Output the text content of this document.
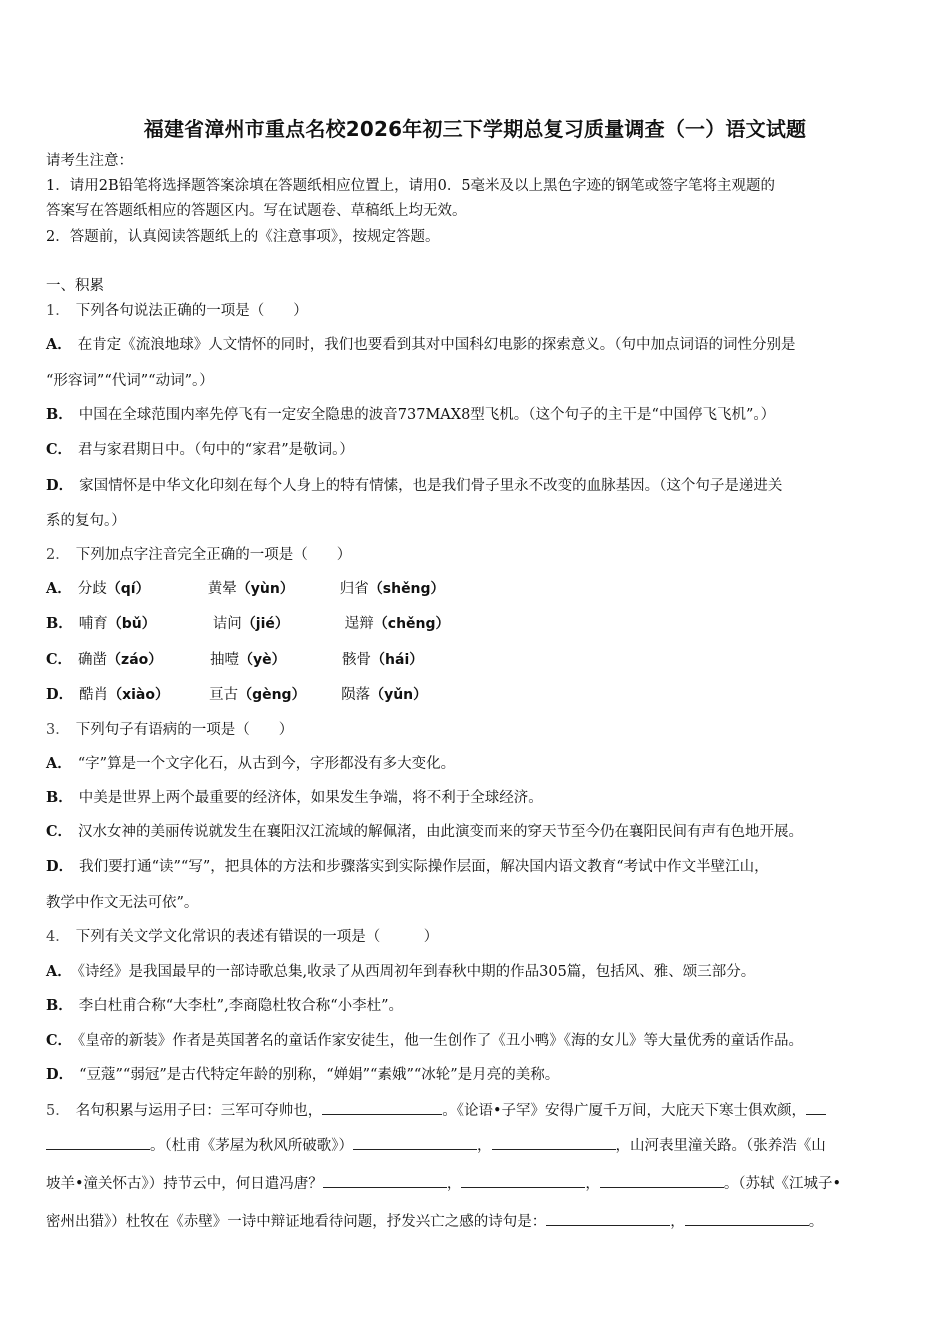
福建省漳州市重点名校2026年初三下学期总复习质量调查（一）语文试题
请考生注意：
1．请用2B铅笔将选择题答案涂填在答题纸相应位置上，请用0．5毫米及以上黑色字迹的钢笔或签字笔将主观题的
答案写在答题纸相应的答题区内。写在试题卷、草稿纸上均无效。
2．答题前，认真阅读答题纸上的《注意事项》，按规定答题。
一、积累
1． 下列各句说法正确的一项是（　　）
A． 在肯定《流浪地球》人文情怀的同时，我们也要看到其对中国科幻电影的探索意义。（句中加点词语的词性分别是
“形容词”“代词”“动词”。）
B． 中国在全球范围内率先停飞有一定安全隐患的波音737MAX8型飞机。（这个句子的主干是“中国停飞飞机”。）
C． 君与家君期日中。（句中的“家君”是敬词。）
D． 家国情怀是中华文化印刻在每个人身上的特有情愫，也是我们骨子里永不改变的血脉基因。（这个句子是递进关
系的复句。）
2． 下列加点字注音完全正确的一项是（　　）
A． 分歧（qí）	黄晕（yùn）	归省（shěng）
B． 哺育（bǔ）	诘问（jié）	逞辩（chěng）
C． 确凿（záo）	抽噎（yè）	骸骨（hái）
D． 酷肖（xiào）	亘古（gèng） 陨落（yǔn）
3． 下列句子有语病的一项是（　　）
A． “字”算是一个文字化石，从古到今，字形都没有多大变化。
B． 中美是世界上两个最重要的经济体，如果发生争端，将不利于全球经济。
C． 汉水女神的美丽传说就发生在襄阳汉江流域的解佩渚，由此演变而来的穿天节至今仍在襄阳民间有声有色地开展。
D． 我们要打通“读”“写”，把具体的方法和步骤落实到实际操作层面，解决国内语文教育“考试中作文半壁江山，
教学中作文无法可依”。
4． 下列有关文学文化常识的表述有错误的一项是（　　　）
A． 《诗经》是我国最早的一部诗歌总集,收录了从西周初年到春秋中期的作品305篇，包括风、雅、颂三部分。
B． 李白杜甫合称“大李杜”,李商隐杜牧合称“小李杜”。
C． 《皇帝的新装》作者是英国著名的童话作家安徒生，他一生创作了《丑小鸭》《海的女儿》等大量优秀的童话作品。
D． “豆蔻”“弱冠”是古代特定年龄的别称，“婵娟”“素娥”“冰轮”是月亮的美称。
5． 名句积累与运用子曰：三军可夺帅也，	。《论语•子罕》安得广厦千万间，大庇天下寒士俱欢颜，
。（杜甫《茅屋为秋风所破歌》）	，	，山河表里潼关路。（张养浩《山
坡羊•潼关怀古》）持节云中，何日遣冯唐？	，	，	。（苏轼《江城子•
密州出猎》）杜牧在《赤壁》一诗中辩证地看待问题，抒发兴亡之感的诗句是：	，	。
